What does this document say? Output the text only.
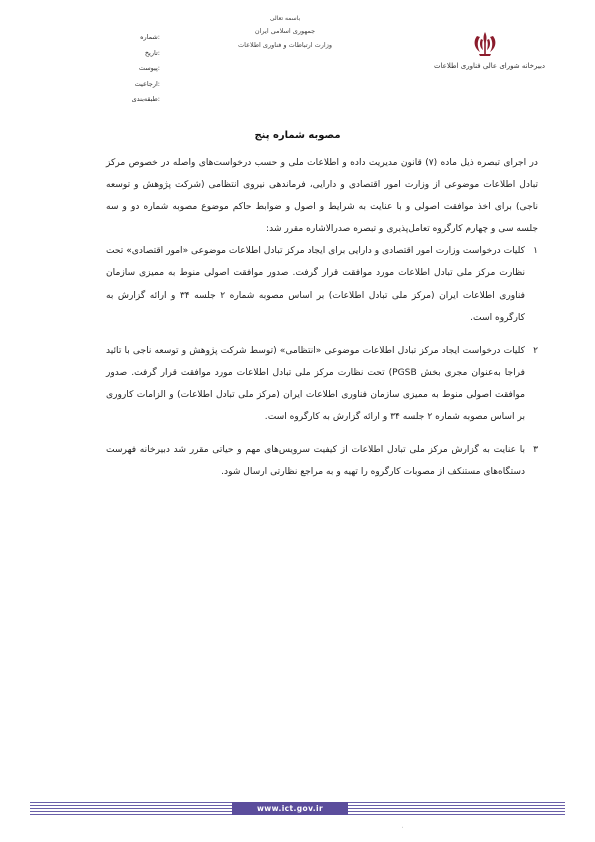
شماره:
تاریخ:
پیوست:
ارجاعیت:
طبقه‌بندی:
باسمه تعالی
جمهوری اسلامی ایران
وزارت ارتباطات و فناوری اطلاعات
دبیرخانه شورای عالی فناوری اطلاعات
مصوبه شماره پنج

در اجرای تبصره ذیل ماده (۷) قانون مدیریت داده و اطلاعات ملی و حسب درخواست‌های واصله در خصوص مرکز تبادل اطلاعات موضوعی از وزارت امور اقتصادی و دارایی، فرماندهی نیروی انتظامی (شرکت پژوهش و توسعه ناجی) برای اخذ موافقت اصولی و با عنایت به شرایط و اصول و ضوابط حاکم موضوع مصوبه شماره دو و سه جلسه سی و چهارم کارگروه تعامل‌پذیری و تبصره صدرالاشاره مقرر شد:

۱

کلیات درخواست وزارت امور اقتصادی و دارایی برای ایجاد مرکز تبادل اطلاعات موضوعی «امور اقتصادی» تحت نظارت مرکز ملی تبادل اطلاعات مورد موافقت قرار گرفت. صدور موافقت اصولی منوط به ممیزی سازمان فناوری اطلاعات ایران (مرکز ملی تبادل اطلاعات) بر اساس مصوبه شماره ۲ جلسه ۳۴ و ارائه گزارش به کارگروه است.

۲

کلیات درخواست ایجاد مرکز تبادل اطلاعات موضوعی «انتظامی» (توسط شرکت پژوهش و توسعه ناجی با تائید فراجا به‌عنوان مجری بخش PGSB) تحت نظارت مرکز ملی تبادل اطلاعات مورد موافقت قرار گرفت. صدور موافقت اصولی منوط به ممیزی سازمان فناوری اطلاعات ایران (مرکز ملی تبادل اطلاعات) و الزامات کاروری بر اساس مصوبه شماره ۲ جلسه ۳۴ و ارائه گزارش به کارگروه است.

۳

با عنایت به گزارش مرکز ملی تبادل اطلاعات از کیفیت سرویس‌های مهم و حیاتی مقرر شد دبیرخانه فهرست دستگاه‌های مستنکف از مصوبات کارگروه را تهیه و به مراجع نظارتی ارسال شود.

www.ict.gov.ir
۰
